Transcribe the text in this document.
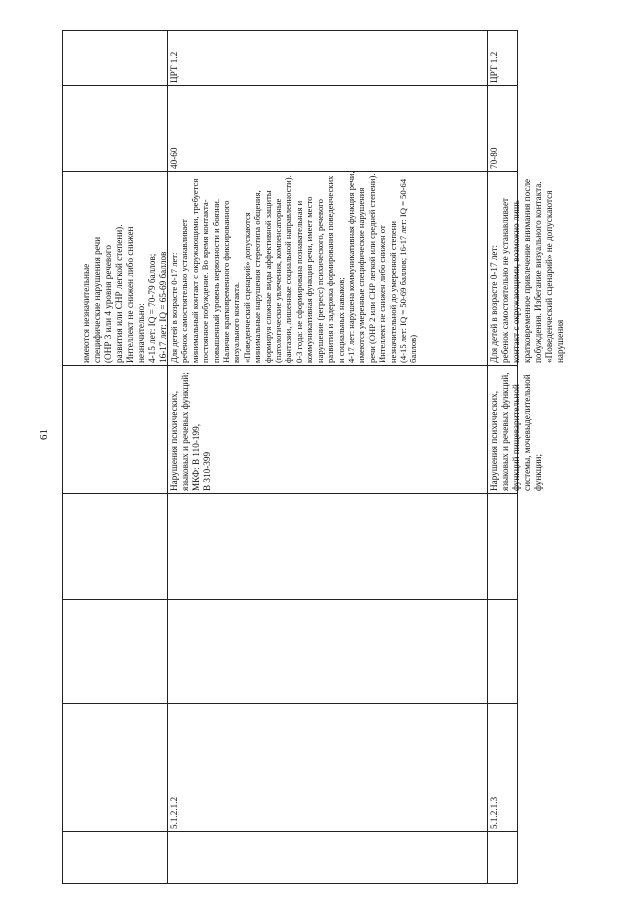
61
имеются незначительные специфические нарушения речи (ОНР 3 или 4 уровня речевого развития или СНР легкой степени).
Интеллект не снижен либо снижен незначительно:
4-15 лет: IQ = 70-79 баллов;
16-17 лет: IQ = 65-69 баллов
5.1.2.1.2
Нарушения психических, языковых и речевых функций;
МКФ: В 110-199,
В 310-399
Для детей в возрасте 0-17 лет:
ребенок самостоятельно устанавливает минимальный контакт с окружающими, требуется постоянное побуждение. Во время контакта-повышенный уровень нервозности и боязни. Наличие кратковременного фиксированного визуального контакта.
«Поведенческий сценарий» допускаются минимальные нарушения стереотипа общения, формируя сложные виды аффективной защиты (патологические увлечения, компенсаторные фантазии, лишенные социальной направленности).
0-3 года: не сформирована познавательная и коммуникативная функция речи, имеет место нарушение (регресс) психического, речевого развития и задержка формирования поведенческих и социальных навыков;
4-17 лет: нарушена коммуникативная функция речи, имеются умеренные специфические нарушения речи (ОНР 2 или СНР легкой или средней степени).
Интеллект не снижен либо снижен от незначительной до умеренной степени
(4-15 лет: IQ = 50-69 баллов; 16-17 лет: IQ = 50-64 баллов)
40-60
ЦРТ 1.2
5.1.2.1.3
Нарушения психических, языковых и речевых функций, функций пищеварительной системы, мочевыделительной функции;
Для детей в возрасте 0-17 лет:
ребенок самостоятельно не устанавливает контакт с окружающими, возможно лишь кратковременное привлечение внимания после побуждения. Избегание визуального контакта. «Поведенческий сценарий» не допускаются нарушения
70-80
ЦРТ 1.2
